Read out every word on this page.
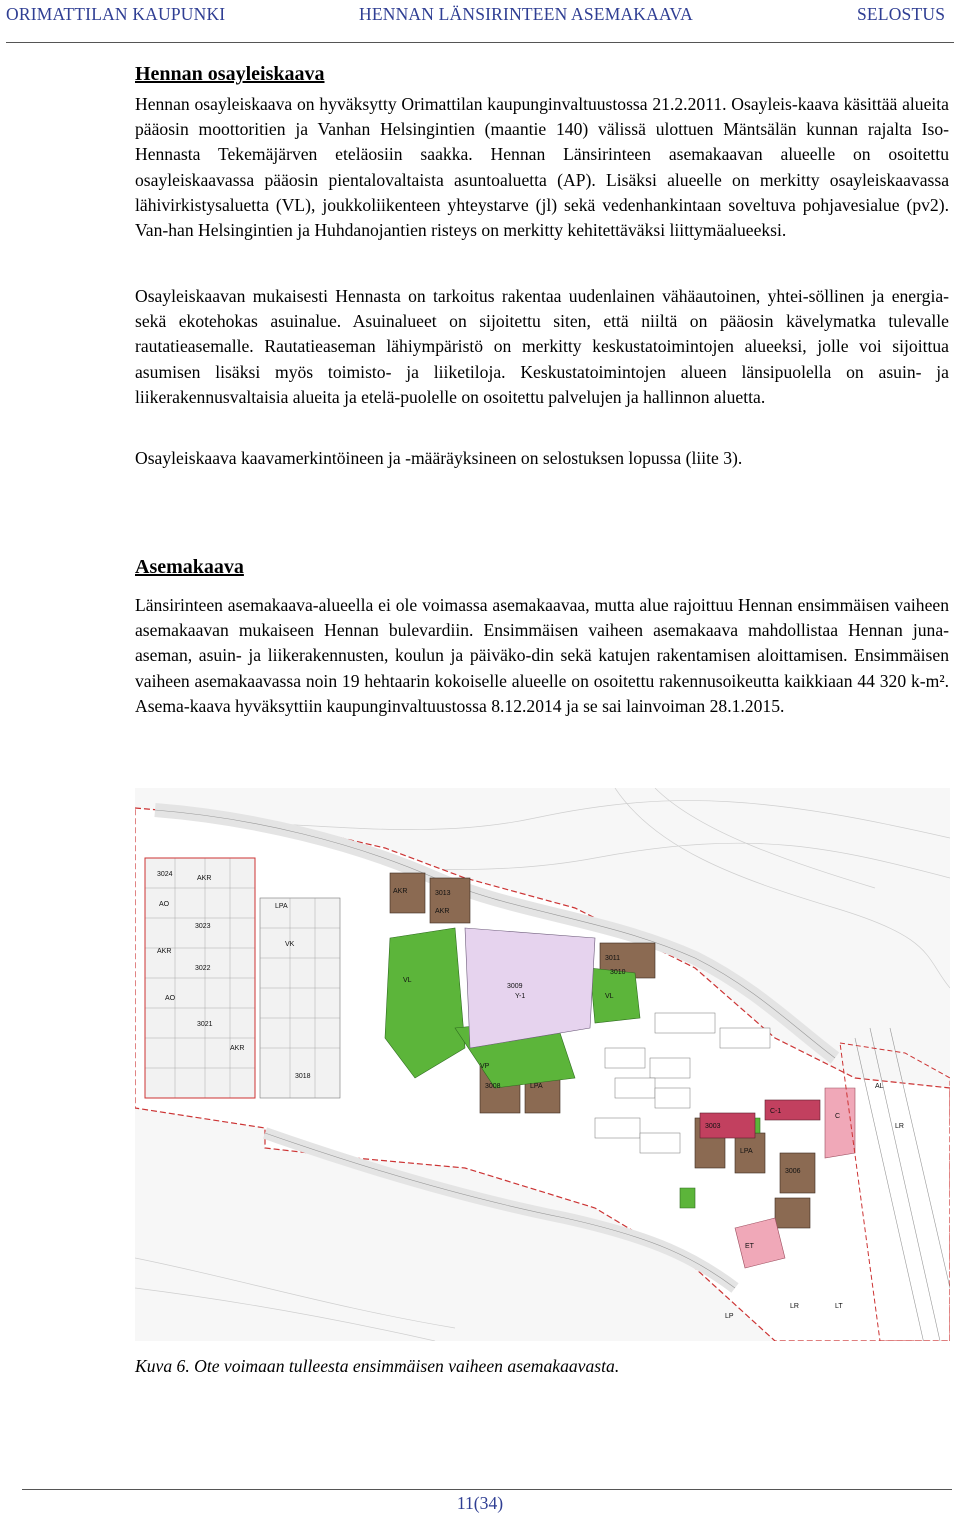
ORIMATTILAN KAUPUNKI	HENNAN LÄNSIRINTEEN ASEMAKAAVA	SELOSTUS
Hennan osayleiskaava

Hennan osayleiskaava on hyväksytty Orimattilan kaupunginvaltuustossa 21.2.2011. Osayleis-kaava käsittää alueita pääosin moottoritien ja Vanhan Helsingintien (maantie 140) välissä ulottuen Mäntsälän kunnan rajalta Iso-Hennasta Tekemäjärven eteläosiin saakka. Hennan Länsirinteen asemakaavan alueelle on osoitettu osayleiskaavassa pääosin pientalovaltaista asuntoaluetta (AP). Lisäksi alueelle on merkitty osayleiskaavassa lähivirkistysaluetta (VL), joukkoliikenteen yhteystarve (jl) sekä vedenhankintaan soveltuva pohjavesialue (pv2). Van-han Helsingintien ja Huhdanojantien risteys on merkitty kehitettäväksi liittymäalueeksi.

Osayleiskaavan mukaisesti Hennasta on tarkoitus rakentaa uudenlainen vähäautoinen, yhtei-söllinen ja energia- sekä ekotehokas asuinalue. Asuinalueet on sijoitettu siten, että niiltä on pääosin kävelymatka tulevalle rautatieasemalle. Rautatieaseman lähiympäristö on merkitty keskustatoimintojen alueeksi, jolle voi sijoittua asumisen lisäksi myös toimisto- ja liiketiloja. Keskustatoimintojen alueen länsipuolella on asuin- ja liikerakennusvaltaisia alueita ja etelä-puolelle on osoitettu palvelujen ja hallinnon aluetta.

Osayleiskaava kaavamerkintöineen ja -määräyksineen on selostuksen lopussa (liite 3).

Asemakaava

Länsirinteen asemakaava-alueella ei ole voimassa asemakaavaa, mutta alue rajoittuu Hennan ensimmäisen vaiheen asemakaavan mukaiseen Hennan bulevardiin. Ensimmäisen vaiheen asemakaava mahdollistaa Hennan juna-aseman, asuin- ja liikerakennusten, koulun ja päiväko-din sekä katujen rakentamisen aloittamisen. Ensimmäisen vaiheen asemakaavassa noin 19 hehtaarin kokoiselle alueelle on osoitettu rakennusoikeutta kaikkiaan 44 320 k-m². Asema-kaava hyväksyttiin kaupunginvaltuustossa 8.12.2014 ja se sai lainvoiman 28.1.2015.

3024
AKR
AO
3023
AKR
3022
AO
3021
AKR
VK
LPA
3018
AKR	3013
AKR
VL
3009
Y-1
3011
3010
VL
VP
LPA
3008
3003
C-1
C
AL
LR
ET
LP
LR	LT
3006
LPA
Kuva 6. Ote voimaan tulleesta ensimmäisen vaiheen asemakaavasta.
11(34)
